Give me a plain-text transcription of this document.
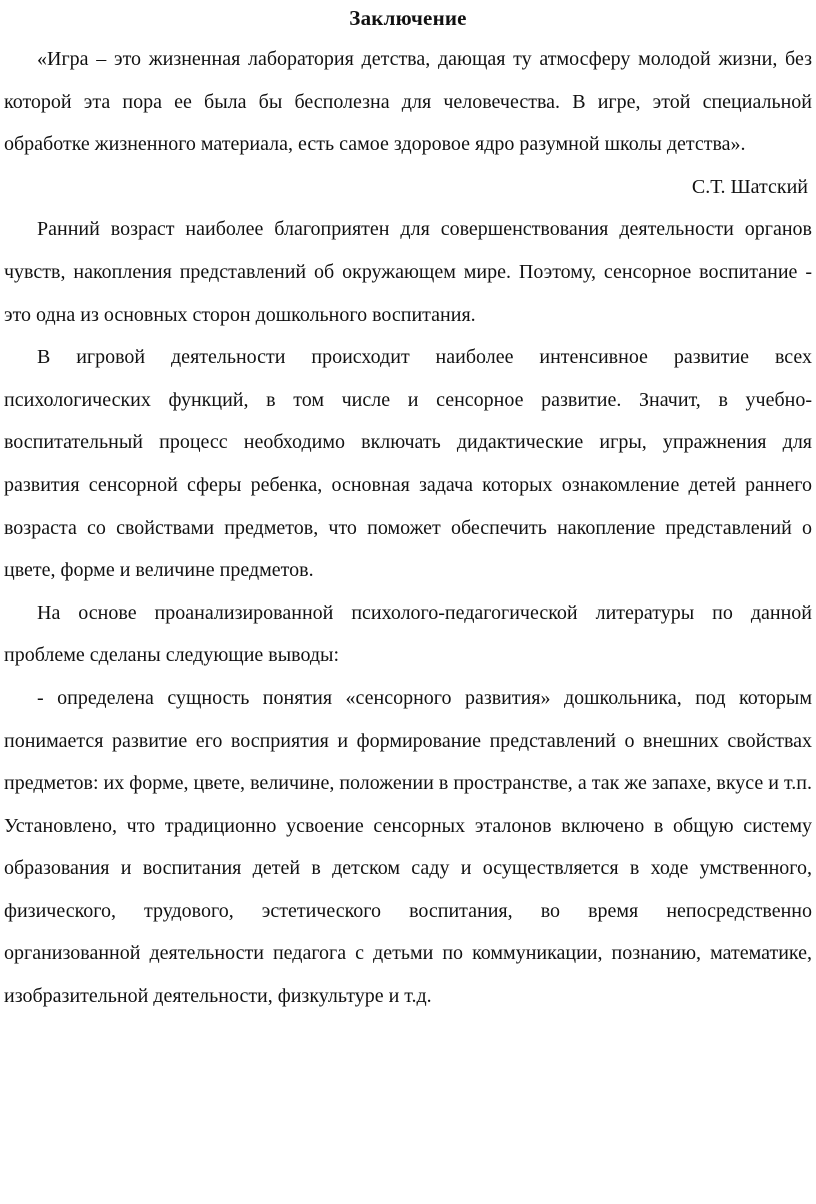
Заключение

«Игра – это жизненная лаборатория детства, дающая ту атмосферу молодой жизни, без которой эта пора ее была бы бесполезна для человечества. В игре, этой специальной обработке жизненного материала, есть самое здоровое ядро разумной школы детства».

С.Т. Шатский

Ранний возраст наиболее благоприятен для совершенствования деятельности органов чувств, накопления представлений об окружающем мире. Поэтому, сенсорное воспитание - это одна из основных сторон дошкольного воспитания.

В игровой деятельности происходит наиболее интенсивное развитие всех психологических функций, в том числе и сенсорное развитие. Значит, в учебно-воспитательный процесс необходимо включать дидактические игры, упражнения для развития сенсорной сферы ребенка, основная задача которых ознакомление детей раннего возраста со свойствами предметов, что поможет обеспечить накопление представлений о цвете, форме и величине предметов.

На основе проанализированной психолого-педагогической литературы по данной проблеме сделаны следующие выводы:

- определена сущность понятия «сенсорного развития» дошкольника, под которым понимается развитие его восприятия и формирование представлений о внешних свойствах предметов: их форме, цвете, величине, положении в пространстве, а так же запахе, вкусе и т.п. Установлено, что традиционно усвоение сенсорных эталонов включено в общую систему образования и воспитания детей в детском саду и осуществляется в ходе умственного, физического, трудового, эстетического воспитания, во время непосредственно организованной деятельности педагога с детьми по коммуникации, познанию, математике, изобразительной деятельности, физкультуре и т.д.
